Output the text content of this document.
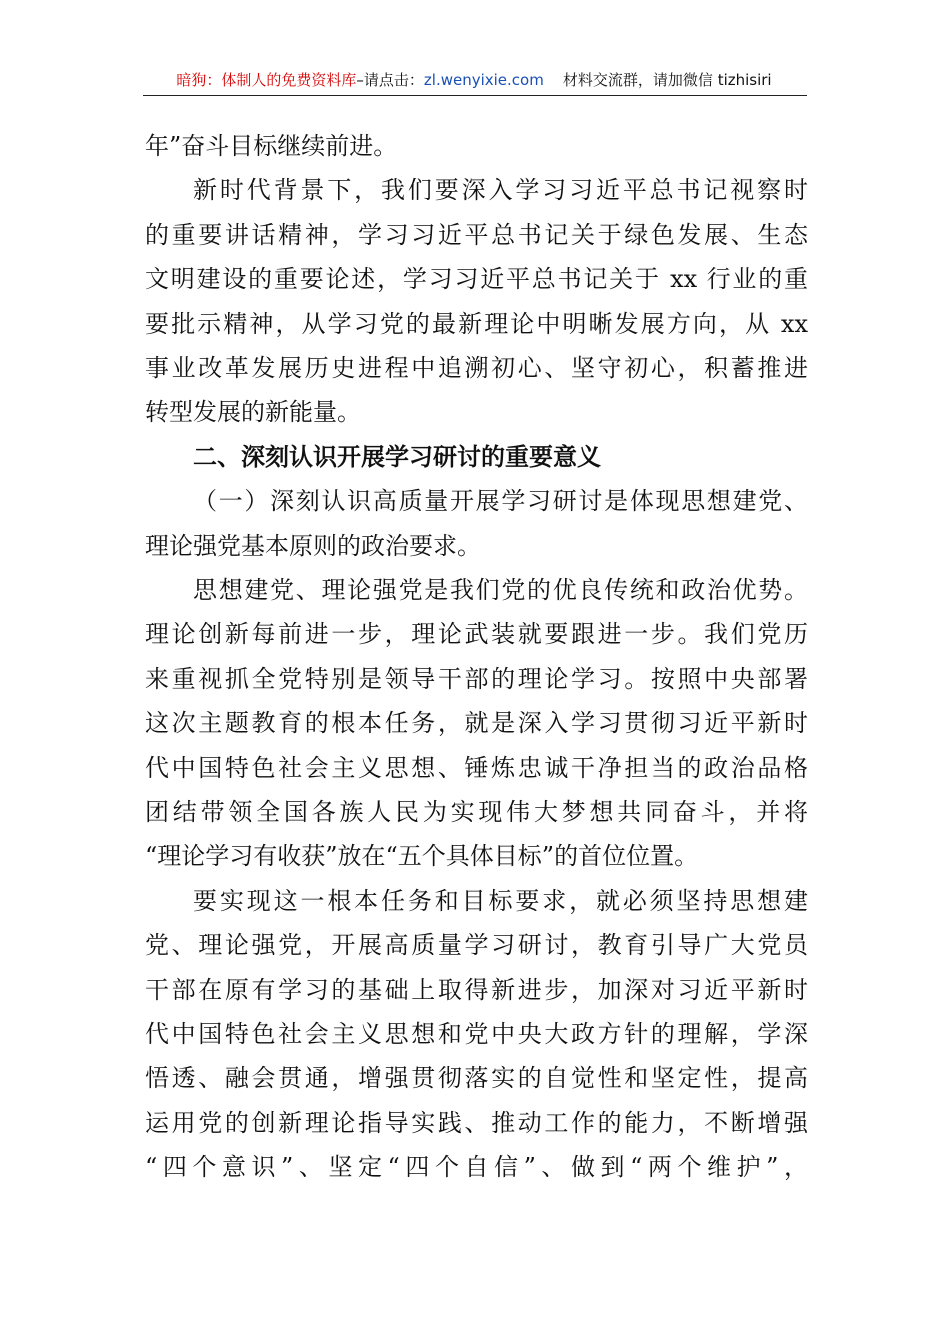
暗狗：体制人的免费资料库–请点击：zl.wenyixie.com 材料交流群，请加微信 tizhisiri
年”奋斗目标继续前进。
新时代背景下，我们要深入学习习近平总书记视察时
的重要讲话精神，学习习近平总书记关于绿色发展、生态
文明建设的重要论述，学习习近平总书记关于 xx 行业的重
要批示精神，从学习党的最新理论中明晰发展方向，从 xx
事业改革发展历史进程中追溯初心、坚守初心，积蓄推进
转型发展的新能量。
二、深刻认识开展学习研讨的重要意义
（一）深刻认识高质量开展学习研讨是体现思想建党、
理论强党基本原则的政治要求。
思想建党、理论强党是我们党的优良传统和政治优势。
理论创新每前进一步，理论武装就要跟进一步。我们党历
来重视抓全党特别是领导干部的理论学习。按照中央部署
这次主题教育的根本任务，就是深入学习贯彻习近平新时
代中国特色社会主义思想、锤炼忠诚干净担当的政治品格
团结带领全国各族人民为实现伟大梦想共同奋斗，并将
“理论学习有收获”放在“五个具体目标”的首位位置。
要实现这一根本任务和目标要求，就必须坚持思想建
党、理论强党，开展高质量学习研讨，教育引导广大党员
干部在原有学习的基础上取得新进步，加深对习近平新时
代中国特色社会主义思想和党中央大政方针的理解，学深
悟透、融会贯通，增强贯彻落实的自觉性和坚定性，提高
运用党的创新理论指导实践、推动工作的能力，不断增强
“四个意识”、坚定“四个自信”、做到“两个维护”，
